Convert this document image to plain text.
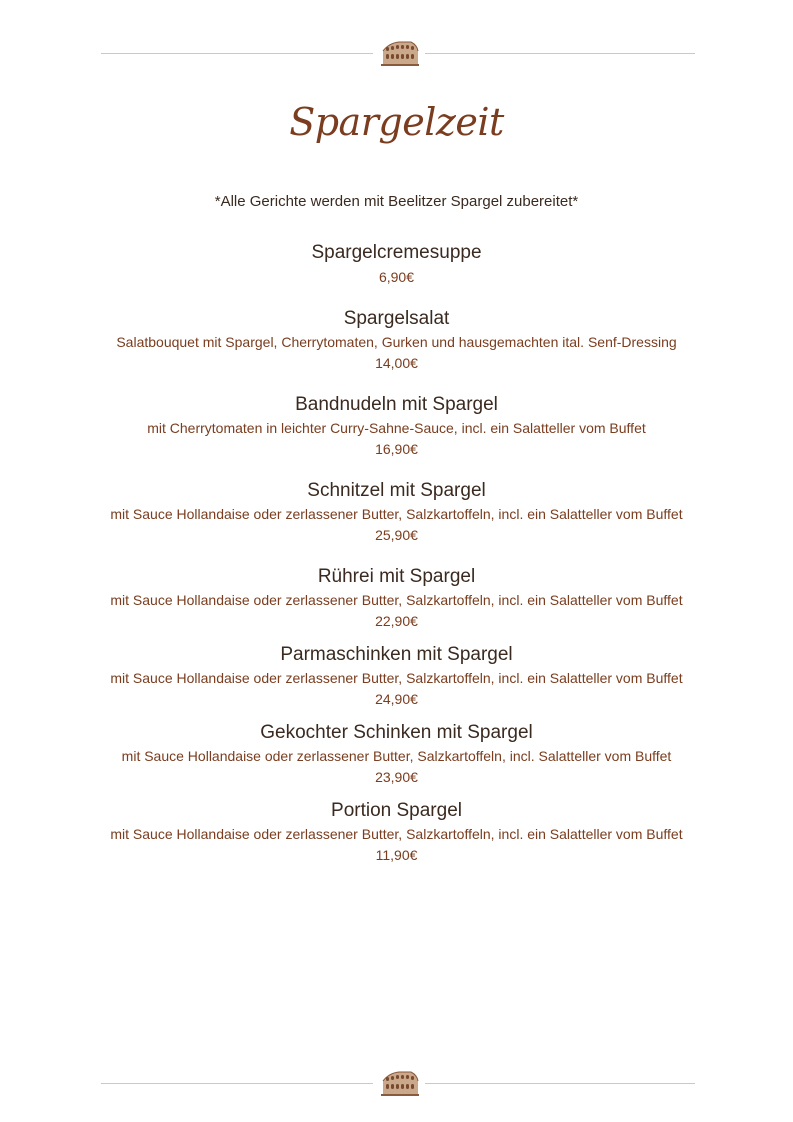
Spargelzeit
*Alle Gerichte werden mit Beelitzer Spargel zubereitet*
Spargelcremesuppe
6,90€
Spargelsalat
Salatbouquet mit Spargel, Cherrytomaten, Gurken und hausgemachten ital. Senf-Dressing
14,00€
Bandnudeln mit Spargel
mit Cherrytomaten in leichter Curry-Sahne-Sauce, incl. ein Salatteller vom Buffet
16,90€
Schnitzel mit Spargel
mit Sauce Hollandaise oder zerlassener Butter, Salzkartoffeln, incl. ein Salatteller vom Buffet
25,90€
Rührei mit Spargel
mit Sauce Hollandaise oder zerlassener Butter, Salzkartoffeln, incl. ein Salatteller vom Buffet
22,90€
Parmaschinken mit Spargel
mit Sauce Hollandaise oder zerlassener Butter, Salzkartoffeln, incl. ein Salatteller vom Buffet
24,90€
Gekochter Schinken mit Spargel
mit Sauce Hollandaise oder zerlassener Butter, Salzkartoffeln, incl. Salatteller vom Buffet
23,90€
Portion Spargel
mit Sauce Hollandaise oder zerlassener Butter, Salzkartoffeln, incl. ein Salatteller vom Buffet
11,90€
